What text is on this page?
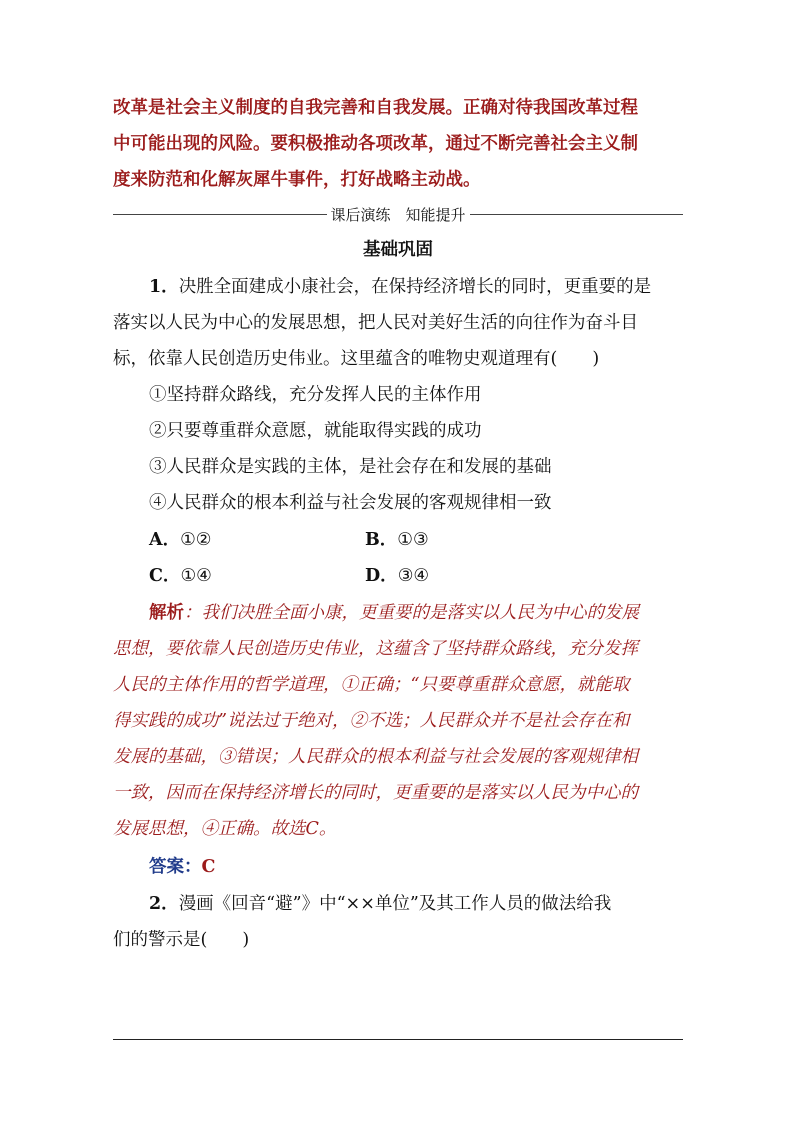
改革是社会主义制度的自我完善和自我发展。正确对待我国改革过程
中可能出现的风险。要积极推动各项改革，通过不断完善社会主义制
度来防范和化解灰犀牛事件，打好战略主动战。
课后演练　知能提升
基础巩固
1．决胜全面建成小康社会，在保持经济增长的同时，更重要的是
落实以人民为中心的发展思想，把人民对美好生活的向往作为奋斗目
标，依靠人民创造历史伟业。这里蕴含的唯物史观道理有(　　)
①坚持群众路线，充分发挥人民的主体作用
②只要尊重群众意愿，就能取得实践的成功
③人民群众是实践的主体，是社会存在和发展的基础
④人民群众的根本利益与社会发展的客观规律相一致
A．①②	B．①③
C．①④	D．③④
解析：我们决胜全面小康，更重要的是落实以人民为中心的发展
思想，要依靠人民创造历史伟业，这蕴含了坚持群众路线，充分发挥
人民的主体作用的哲学道理，①正确；“只要尊重群众意愿，就能取
得实践的成功”说法过于绝对，②不选；人民群众并不是社会存在和
发展的基础，③错误；人民群众的根本利益与社会发展的客观规律相
一致，因而在保持经济增长的同时，更重要的是落实以人民为中心的
发展思想，④正确。故选C。
答案：C
2．漫画《回音“避”》中“××单位”及其工作人员的做法给我
们的警示是(　　)
